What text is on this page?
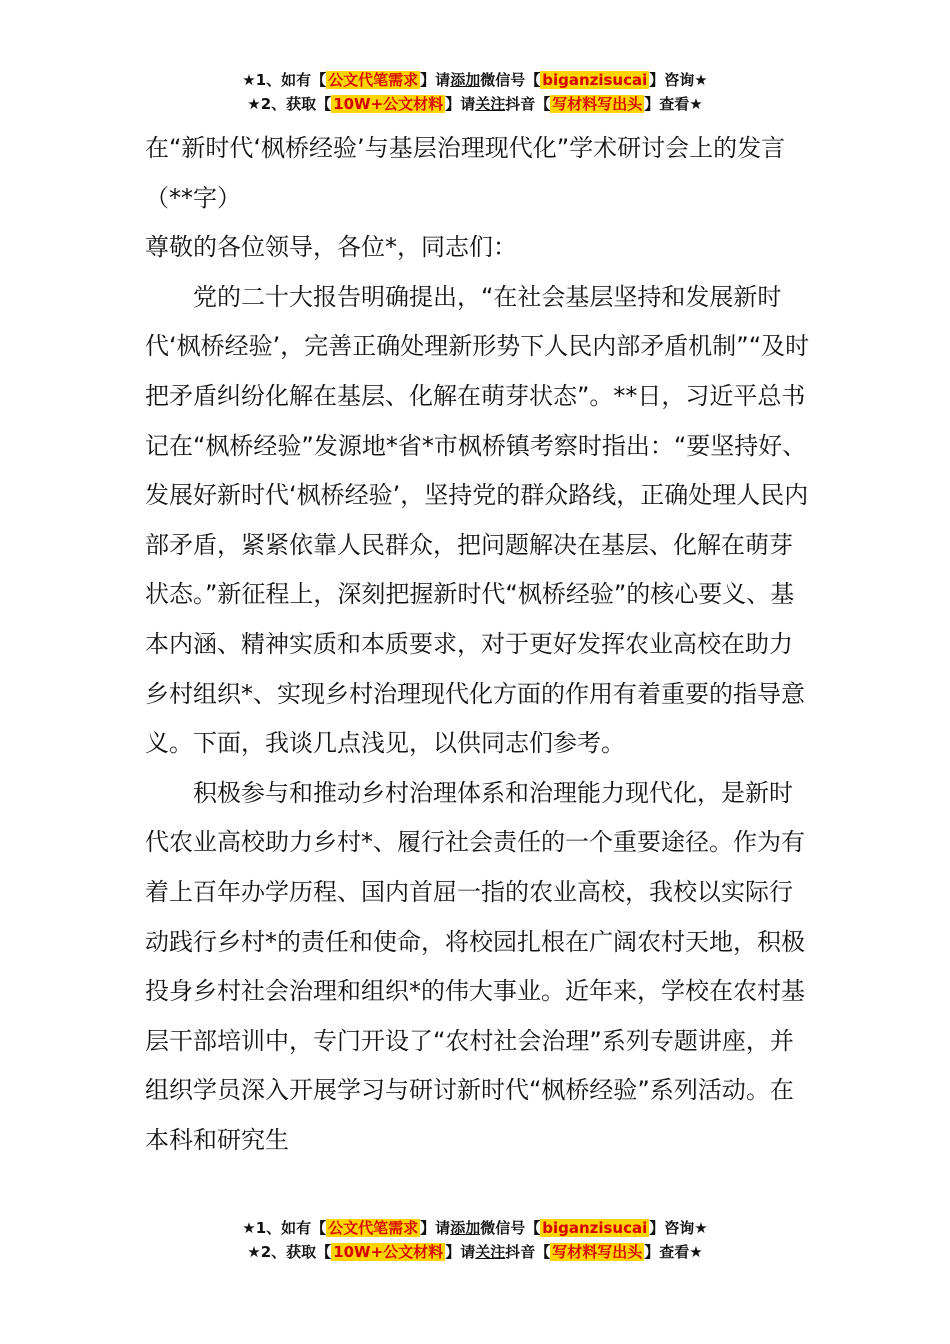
★1、如有【 公文代笔需求 】请添加微信号【 biganzisucai 】咨询★
★2、获取【 10W+公文材料 】请关注抖音【 写材料写出头 】查看★

在“新时代‘枫桥经验’与基层治理现代化”学术研讨会上的发言（**字）

尊敬的各位领导，各位*，同志们：

党的二十大报告明确提出，“在社会基层坚持和发展新时代‘枫桥经验’，完善正确处理新形势下人民内部矛盾机制”“及时把矛盾纠纷化解在基层、化解在萌芽状态”。**日，习近平总书记在“枫桥经验”发源地*省*市枫桥镇考察时指出：“要坚持好、发展好新时代‘枫桥经验’，坚持党的群众路线，正确处理人民内部矛盾，紧紧依靠人民群众，把问题解决在基层、化解在萌芽状态。”新征程上，深刻把握新时代“枫桥经验”的核心要义、基本内涵、精神实质和本质要求，对于更好发挥农业高校在助力乡村组织*、实现乡村治理现代化方面的作用有着重要的指导意义。下面，我谈几点浅见，以供同志们参考。

积极参与和推动乡村治理体系和治理能力现代化，是新时代农业高校助力乡村*、履行社会责任的一个重要途径。作为有着上百年办学历程、国内首屈一指的农业高校，我校以实际行动践行乡村*的责任和使命，将校园扎根在广阔农村天地，积极投身乡村社会治理和组织*的伟大事业。近年来，学校在农村基层干部培训中，专门开设了“农村社会治理”系列专题讲座，并组织学员深入开展学习与研讨新时代“枫桥经验”系列活动。在本科和研究生

★1、如有【 公文代笔需求 】请添加微信号【 biganzisucai 】咨询★
★2、获取【 10W+公文材料 】请关注抖音【 写材料写出头 】查看★
